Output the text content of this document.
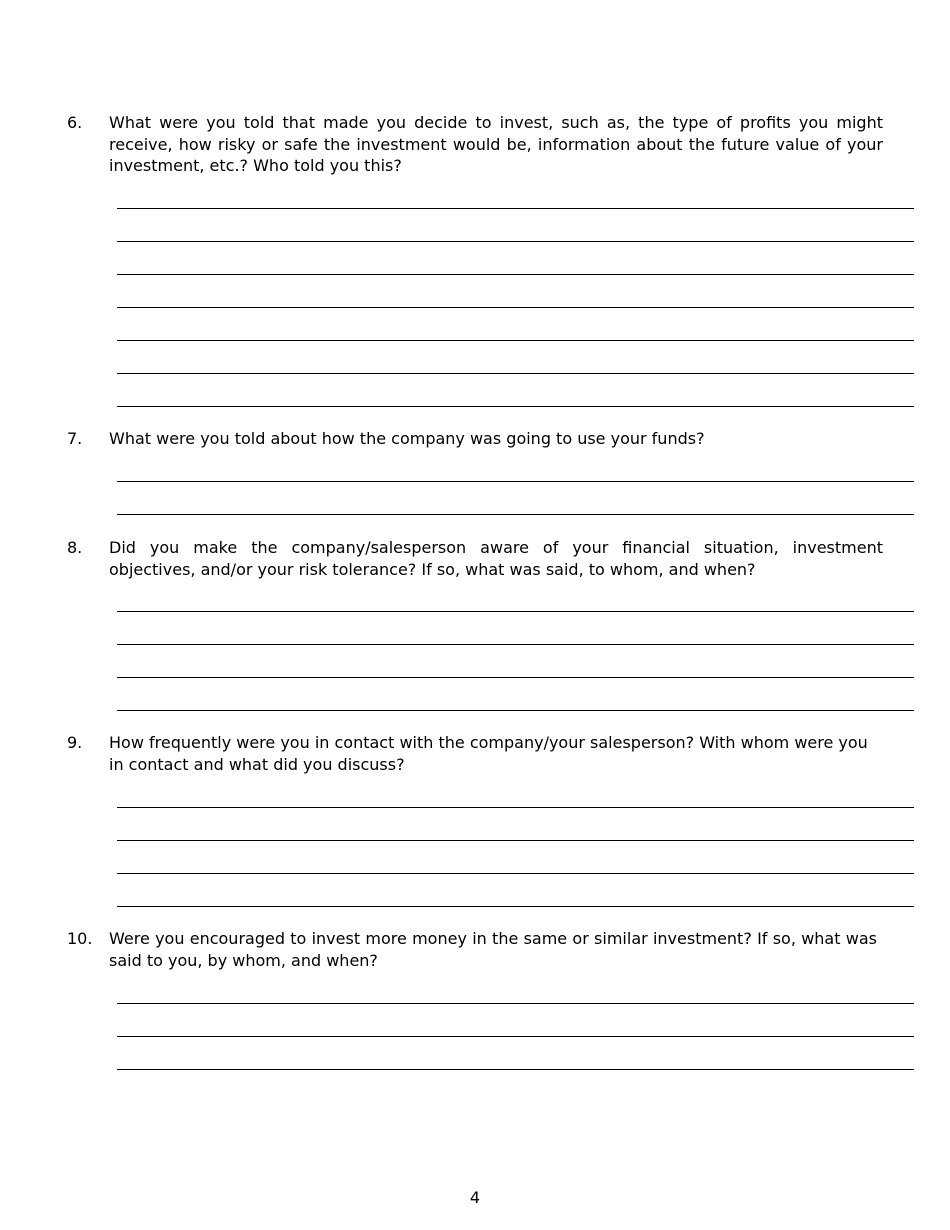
6. What were you told that made you decide to invest, such as, the type of profits you might receive, how risky or safe the investment would be, information about the future value of your investment, etc.? Who told you this?
7. What were you told about how the company was going to use your funds?
8. Did you make the company/salesperson aware of your financial situation, investment objectives, and/or your risk tolerance? If so, what was said, to whom, and when?
9. How frequently were you in contact with the company/your salesperson? With whom were you in contact and what did you discuss?
10. Were you encouraged to invest more money in the same or similar investment? If so, what was said to you, by whom, and when?
4
